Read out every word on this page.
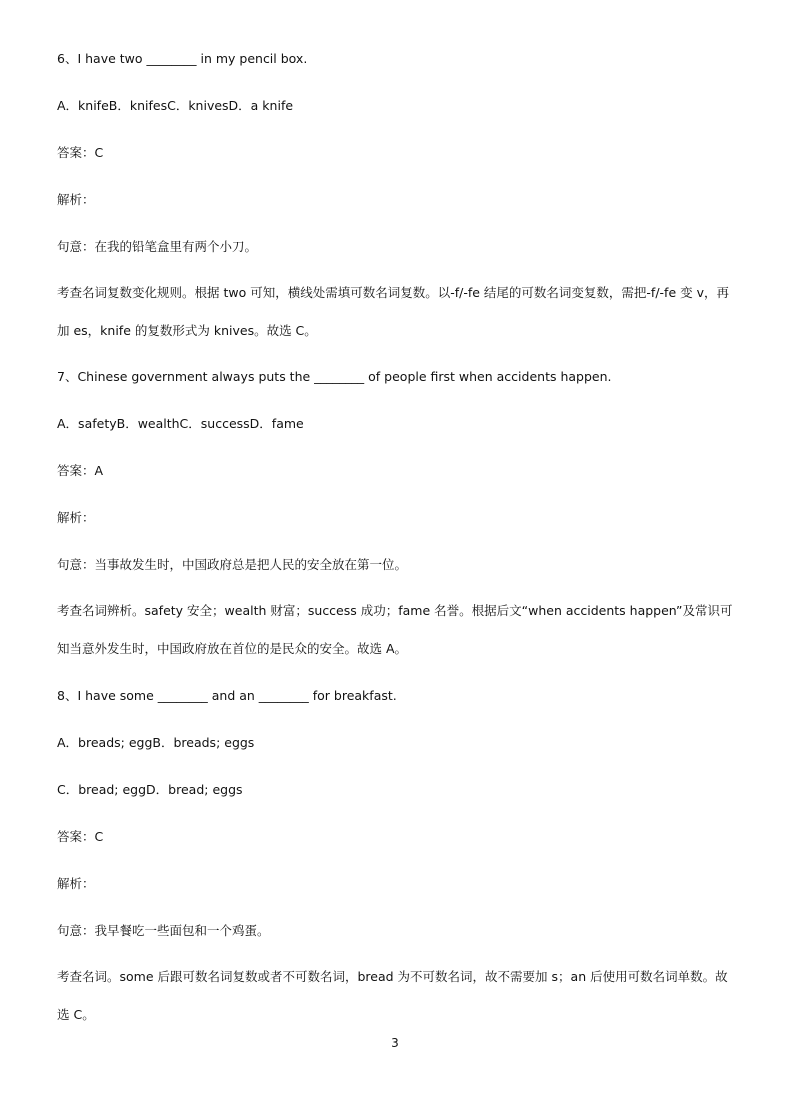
6、I have two ________ in my pencil box.
A．knifeB．knifesC．knivesD．a knife
答案：C
解析：
句意：在我的铅笔盒里有两个小刀。
考查名词复数变化规则。根据 two 可知，横线处需填可数名词复数。以-f/-fe 结尾的可数名词变复数，需把-f/-fe 变 v，再加 es，knife 的复数形式为 knives。故选 C。
7、Chinese government always puts the ________ of people first when accidents happen.
A．safetyB．wealthC．successD．fame
答案：A
解析：
句意：当事故发生时，中国政府总是把人民的安全放在第一位。
考查名词辨析。safety 安全；wealth 财富；success 成功；fame 名誉。根据后文“when accidents happen”及常识可知当意外发生时，中国政府放在首位的是民众的安全。故选 A。
8、I have some ________ and an ________ for breakfast.
A．breads; eggB．breads; eggs
C．bread; eggD．bread; eggs
答案：C
解析：
句意：我早餐吃一些面包和一个鸡蛋。
考查名词。some 后跟可数名词复数或者不可数名词，bread 为不可数名词，故不需要加 s；an 后使用可数名词单数。故选 C。
3
